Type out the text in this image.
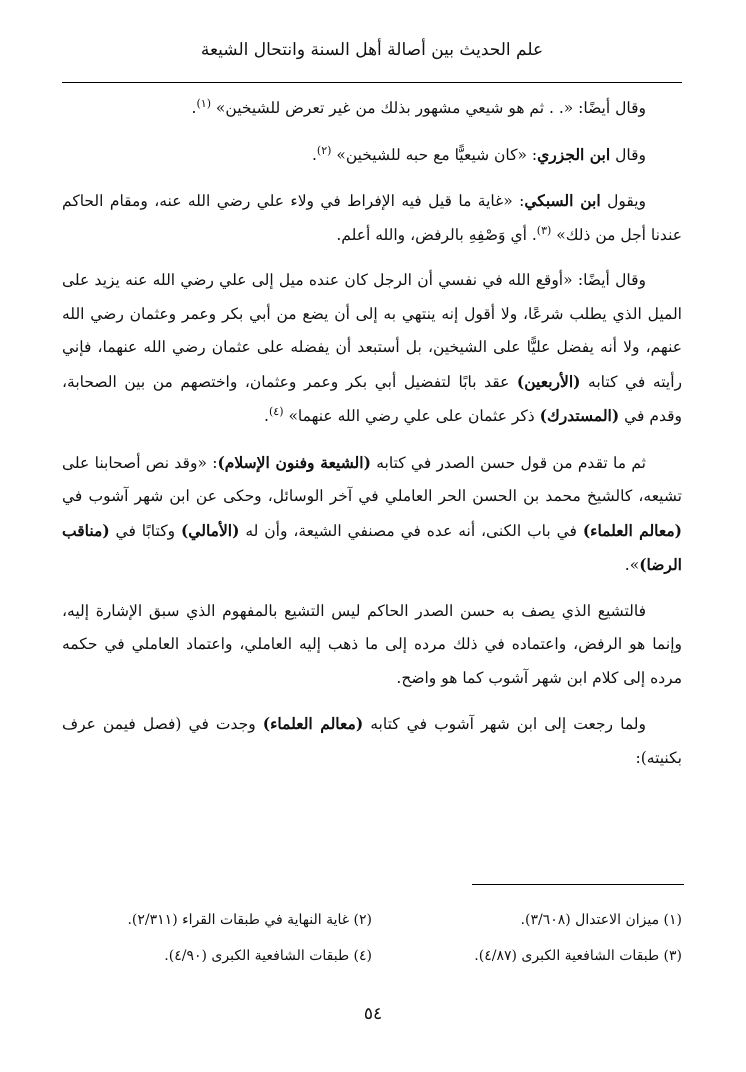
علم الحديث بين أصالة أهل السنة وانتحال الشيعة

وقال أيضًا: «. . ثم هو شيعي مشهور بذلك من غير تعرض للشيخين» $^{(١)}$.

وقال ابن الجزري: «كان شيعيًّا مع حبه للشيخين» $^{(٢)}$.

ويقول ابن السبكي: «غاية ما قيل فيه الإفراط في ولاء علي رضي الله عنه، ومقام الحاكم عندنا أجل من ذلك» $^{(٣)}$. أي وَصْفِهِ بالرفض، والله أعلم.

وقال أيضًا: «أوقع الله في نفسي أن الرجل كان عنده ميل إلى علي رضي الله عنه يزيد على الميل الذي يطلب شرعًا، ولا أقول إنه ينتهي به إلى أن يضع من أبي بكر وعمر وعثمان رضي الله عنهم، ولا أنه يفضل عليًّا على الشيخين، بل أستبعد أن يفضله على عثمان رضي الله عنهما، فإني رأيته في كتابه (الأربعين) عقد بابًا لتفضيل أبي بكر وعمر وعثمان، واختصهم من بين الصحابة، وقدم في (المستدرك) ذكر عثمان على علي رضي الله عنهما» $^{(٤)}$.

ثم ما تقدم من قول حسن الصدر في كتابه (الشيعة وفنون الإسلام): «وقد نص أصحابنا على تشيعه، كالشيخ محمد بن الحسن الحر العاملي في آخر الوسائل، وحكى عن ابن شهر آشوب في (معالم العلماء) في باب الكنى، أنه عده في مصنفي الشيعة، وأن له (الأمالي) وكتابًا في (مناقب الرضا)».

فالتشيع الذي يصف به حسن الصدر الحاكم ليس التشيع بالمفهوم الذي سبق الإشارة إليه، وإنما هو الرفض، واعتماده في ذلك مرده إلى ما ذهب إليه العاملي، واعتماد العاملي في حكمه مرده إلى كلام ابن شهر آشوب كما هو واضح.

ولما رجعت إلى ابن شهر آشوب في كتابه (معالم العلماء) وجدت في (فصل فيمن عرف بكنيته):

(١) ميزان الاعتدال (٣/٦٠٨).
(٢) غاية النهاية في طبقات القراء (٢/٣١١).
(٣) طبقات الشافعية الكبرى (٤/٨٧).
(٤) طبقات الشافعية الكبرى (٤/٩٠).
٥٤
